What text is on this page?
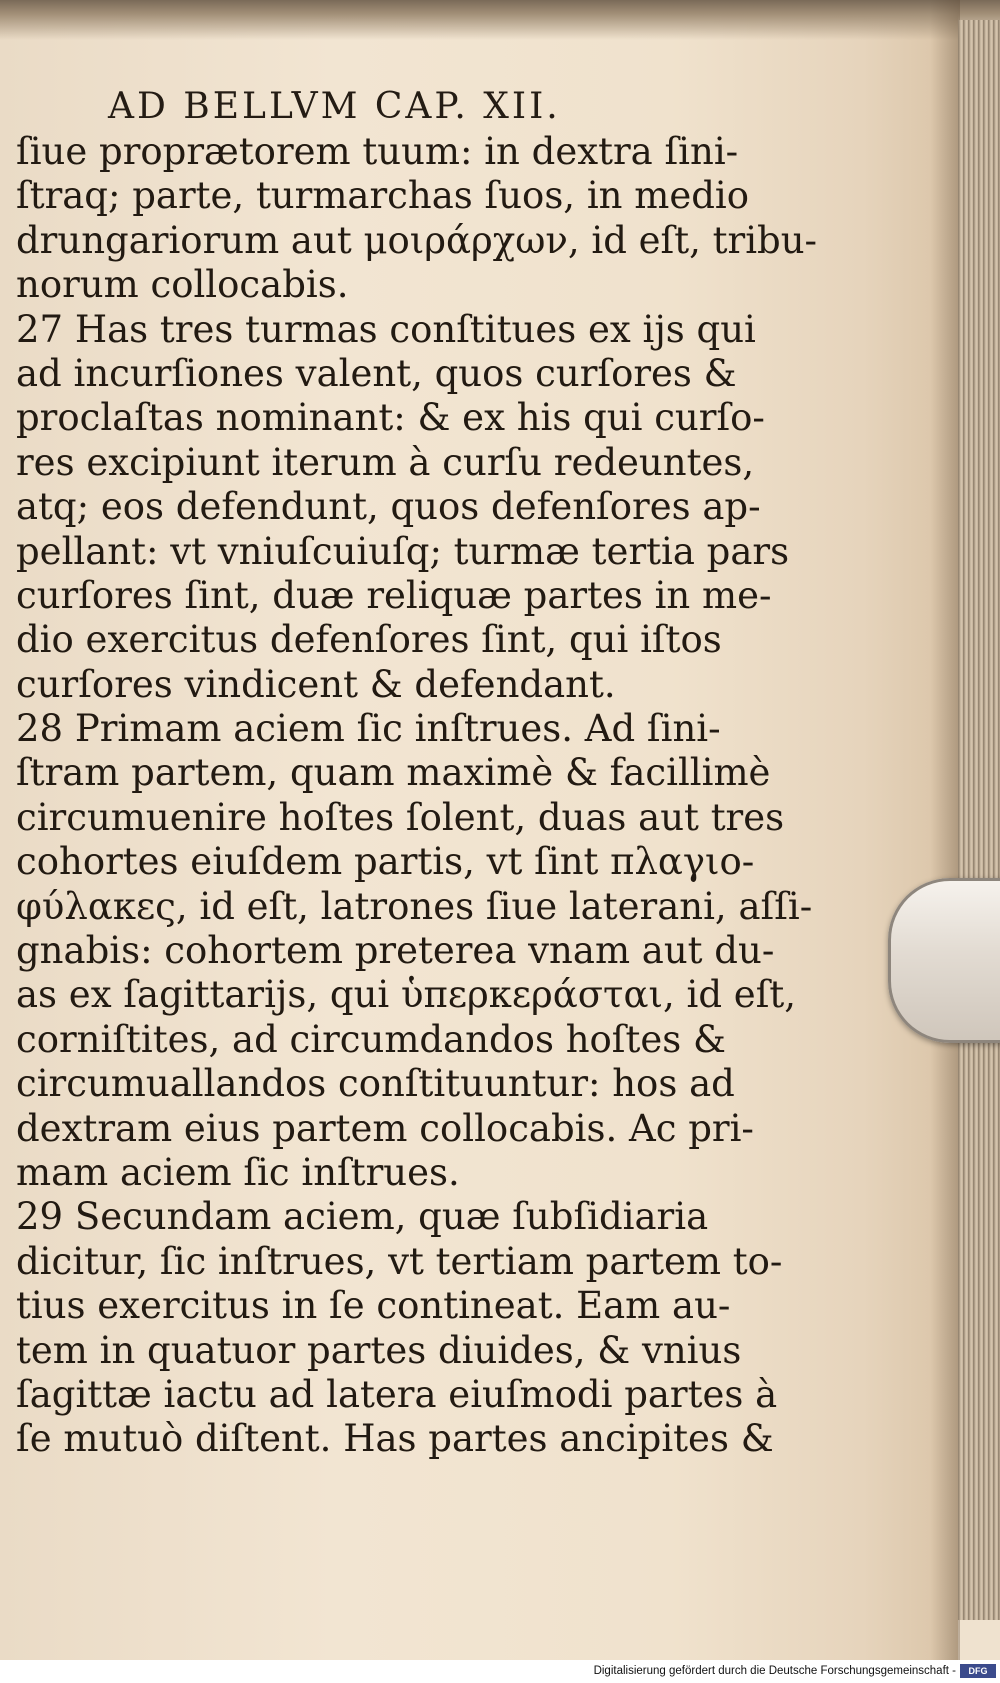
AD BELLVM CAP. XII.
ſiue proprætorem tuum: in dextra ſini-
ſtraq; parte, turmarchas ſuos, in medio
drungariorum aut μοιράρχων, id eſt, tribu-
norum collocabis.
27 Has tres turmas conſtitues ex ijs qui
ad incurſiones valent, quos curſores &
proclaſtas nominant: & ex his qui curſo-
res excipiunt iterum à curſu redeuntes,
atq; eos defendunt, quos defenſores ap-
pellant: vt vniuſcuiuſq; turmæ tertia pars
curſores ſint, duæ reliquæ partes in me-
dio exercitus defenſores ſint, qui iſtos
curſores vindicent & defendant.
28 Primam aciem ſic inſtrues. Ad ſini-
ſtram partem, quam maximè & facillimè
circumuenire hoſtes ſolent, duas aut tres
cohortes eiuſdem partis, vt ſint πλαγιο-
φύλακες, id eſt, latrones ſiue laterani, aſſi-
gnabis: cohortem preterea vnam aut du-
as ex ſagittarijs, qui ὑπερκεράσται, id eſt,
corniſtites, ad circumdandos hoſtes &
circumuallandos conſtituuntur: hos ad
dextram eius partem collocabis. Ac pri-
mam aciem ſic inſtrues.
29 Secundam aciem, quæ ſubſidiaria
dicitur, ſic inſtrues, vt tertiam partem to-
tius exercitus in ſe contineat. Eam au-
tem in quatuor partes diuides, & vnius
ſagittæ iactu ad latera eiuſmodi partes à
ſe mutuò diſtent. Has partes ancipites &
Digitalisierung gefördert durch die Deutsche Forschungsgemeinschaft -	DFG
